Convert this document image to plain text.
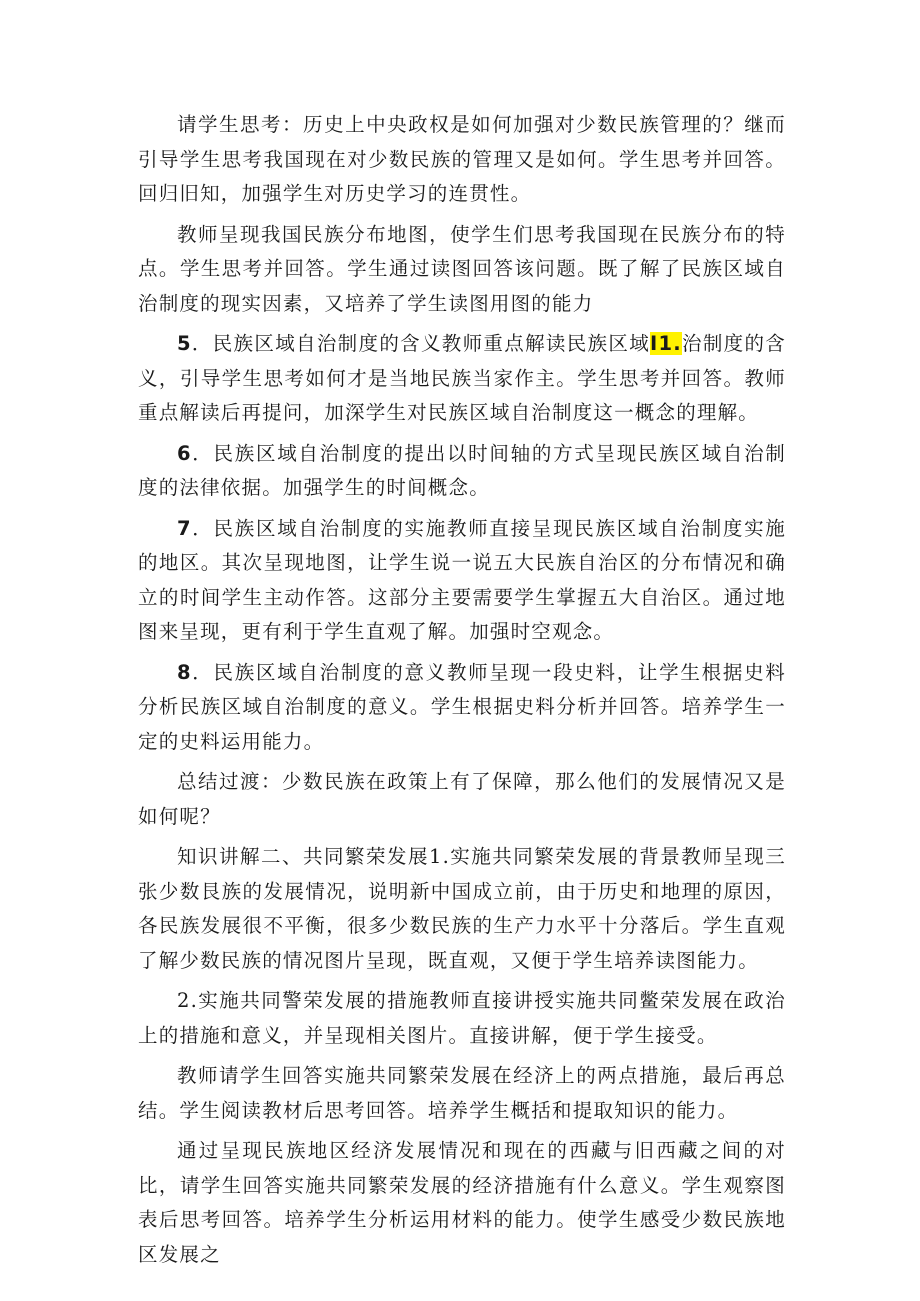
请学生思考：历史上中央政权是如何加强对少数民族管理的？继而引导学生思考我国现在对少数民族的管理又是如何。学生思考并回答。回归旧知，加强学生对历史学习的连贯性。

教师呈现我国民族分布地图，使学生们思考我国现在民族分布的特点。学生思考并回答。学生通过读图回答该问题。既了解了民族区域自治制度的现实因素，又培养了学生读图用图的能力

5．民族区域自治制度的含义教师重点解读民族区域I1.治制度的含义，引导学生思考如何才是当地民族当家作主。学生思考并回答。教师重点解读后再提问，加深学生对民族区域自治制度这一概念的理解。

6．民族区域自治制度的提出以时间轴的方式呈现民族区域自治制度的法律依据。加强学生的时间概念。

7．民族区域自治制度的实施教师直接呈现民族区域自治制度实施的地区。其次呈现地图，让学生说一说五大民族自治区的分布情况和确立的时间学生主动作答。这部分主要需要学生掌握五大自治区。通过地图来呈现，更有利于学生直观了解。加强时空观念。

8．民族区域自治制度的意义教师呈现一段史料，让学生根据史料分析民族区域自治制度的意义。学生根据史料分析并回答。培养学生一定的史料运用能力。

总结过渡：少数民族在政策上有了保障，那么他们的发展情况又是如何呢？

知识讲解二、共同繁荣发展1.实施共同繁荣发展的背景教师呈现三张少数艮族的发展情况，说明新中国成立前，由于历史和地理的原因，各民族发展很不平衡，很多少数民族的生产力水平十分落后。学生直观了解少数民族的情况图片呈现，既直观，又便于学生培养读图能力。

2.实施共同警荣发展的措施教师直接讲授实施共同鳖荣发展在政治上的措施和意义，并呈现相关图片。直接讲解，便于学生接受。

教师请学生回答实施共同繁荣发展在经济上的两点措施，最后再总结。学生阅读教材后思考回答。培养学生概括和提取知识的能力。

通过呈现民族地区经济发展情况和现在的西藏与旧西藏之间的对比，请学生回答实施共同繁荣发展的经济措施有什么意义。学生观察图表后思考回答。培养学生分析运用材料的能力。使学生感受少数民族地区发展之
